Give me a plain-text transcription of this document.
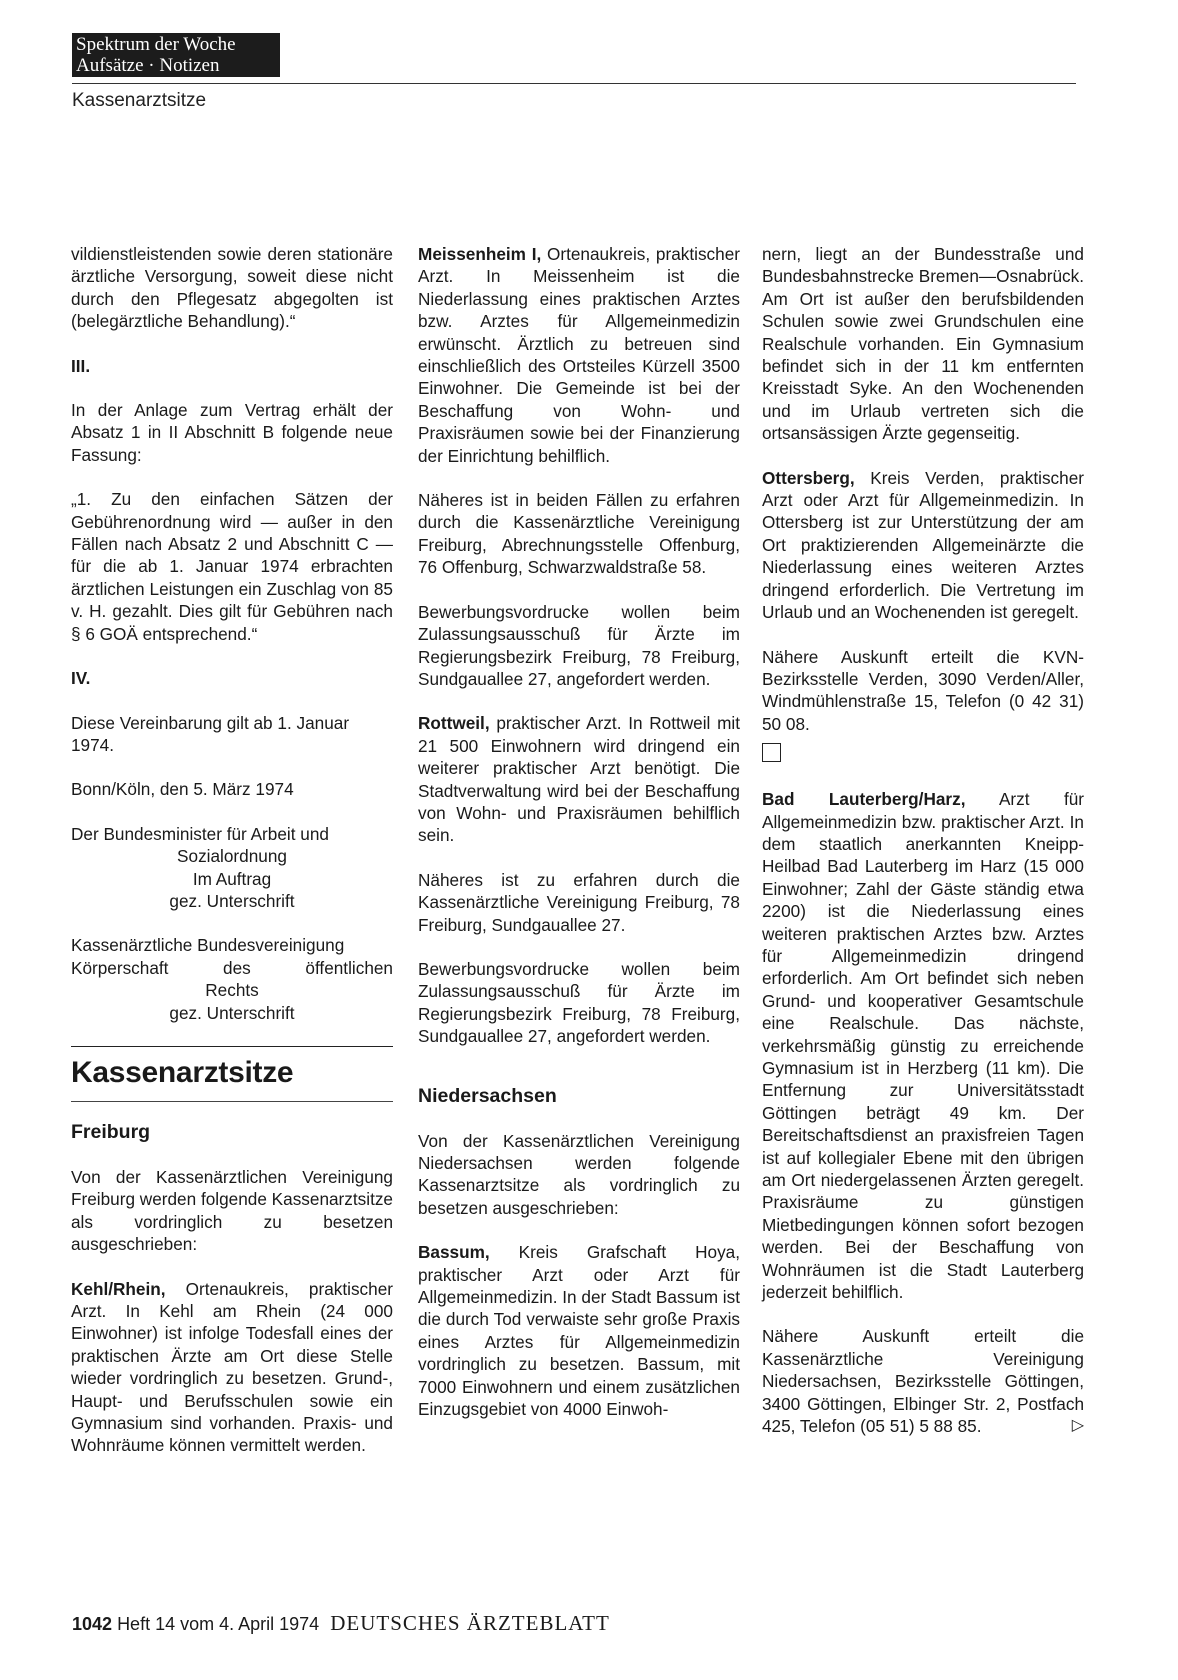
Spektrum der Woche
Aufsätze · Notizen
Kassenarztsitze

vildienstleistenden sowie deren stationäre ärztliche Versorgung, soweit diese nicht durch den Pflegesatz abgegolten ist (belegärztliche Behandlung).“

III.

In der Anlage zum Vertrag erhält der Absatz 1 in II Abschnitt B folgende neue Fassung:

„1. Zu den einfachen Sätzen der Gebührenordnung wird — außer in den Fällen nach Absatz 2 und Abschnitt C — für die ab 1. Januar 1974 erbrachten ärztlichen Leistungen ein Zuschlag von 85 v. H. gezahlt. Dies gilt für Gebühren nach § 6 GOÄ entsprechend.“

IV.

Diese Vereinbarung gilt ab 1. Januar 1974.

Bonn/Köln, den 5. März 1974

Der Bundesminister für Arbeit und
Sozialordnung
Im Auftrag
gez. Unterschrift
Kassenärztliche Bundesvereinigung
Körperschaft des öffentlichen
Rechts
gez. Unterschrift
Kassenarztsitze
Freiburg

Von der Kassenärztlichen Vereinigung Freiburg werden folgende Kassenarztsitze als vordringlich zu besetzen ausgeschrieben:

Kehl/Rhein, Ortenaukreis, praktischer Arzt. In Kehl am Rhein (24 000 Einwohner) ist infolge Todesfall eines der praktischen Ärzte am Ort diese Stelle wieder vordringlich zu besetzen. Grund-, Haupt- und Berufsschulen sowie ein Gymnasium sind vorhanden. Praxis- und Wohnräume können vermittelt werden.

Meissenheim I, Ortenaukreis, praktischer Arzt. In Meissenheim ist die Niederlassung eines praktischen Arztes bzw. Arztes für Allgemeinmedizin erwünscht. Ärztlich zu betreuen sind einschließlich des Ortsteiles Kürzell 3500 Einwohner. Die Gemeinde ist bei der Beschaffung von Wohn- und Praxisräumen sowie bei der Finanzierung der Einrichtung behilflich.

Näheres ist in beiden Fällen zu erfahren durch die Kassenärztliche Vereinigung Freiburg, Abrechnungsstelle Offenburg, 76 Offenburg, Schwarzwaldstraße 58.

Bewerbungsvordrucke wollen beim Zulassungsausschuß für Ärzte im Regierungsbezirk Freiburg, 78 Freiburg, Sundgauallee 27, angefordert werden.

Rottweil, praktischer Arzt. In Rottweil mit 21 500 Einwohnern wird dringend ein weiterer praktischer Arzt benötigt. Die Stadtverwaltung wird bei der Beschaffung von Wohn- und Praxisräumen behilflich sein.

Näheres ist zu erfahren durch die Kassenärztliche Vereinigung Freiburg, 78 Freiburg, Sundgauallee 27.

Bewerbungsvordrucke wollen beim Zulassungsausschuß für Ärzte im Regierungsbezirk Freiburg, 78 Freiburg, Sundgauallee 27, angefordert werden.

Niedersachsen

Von der Kassenärztlichen Vereinigung Niedersachsen werden folgende Kassenarztsitze als vordringlich zu besetzen ausgeschrieben:

Bassum, Kreis Grafschaft Hoya, praktischer Arzt oder Arzt für Allgemeinmedizin. In der Stadt Bassum ist die durch Tod verwaiste sehr große Praxis eines Arztes für Allgemeinmedizin vordringlich zu besetzen. Bassum, mit 7000 Einwohnern und einem zusätzlichen Einzugsgebiet von 4000 Einwoh-

nern, liegt an der Bundesstraße und Bundesbahnstrecke Bremen—Osnabrück. Am Ort ist außer den berufsbildenden Schulen sowie zwei Grundschulen eine Realschule vorhanden. Ein Gymnasium befindet sich in der 11 km entfernten Kreisstadt Syke. An den Wochenenden und im Urlaub vertreten sich die ortsansässigen Ärzte gegenseitig.

Ottersberg, Kreis Verden, praktischer Arzt oder Arzt für Allgemeinmedizin. In Ottersberg ist zur Unterstützung der am Ort praktizierenden Allgemeinärzte die Niederlassung eines weiteren Arztes dringend erforderlich. Die Vertretung im Urlaub und an Wochenenden ist geregelt.

Nähere Auskunft erteilt die KVN-Bezirksstelle Verden, 3090 Verden/Aller, Windmühlenstraße 15, Telefon (0 42 31) 50 08.

Bad Lauterberg/Harz, Arzt für Allgemeinmedizin bzw. praktischer Arzt. In dem staatlich anerkannten Kneipp-Heilbad Bad Lauterberg im Harz (15 000 Einwohner; Zahl der Gäste ständig etwa 2200) ist die Niederlassung eines weiteren praktischen Arztes bzw. Arztes für Allgemeinmedizin dringend erforderlich. Am Ort befindet sich neben Grund- und kooperativer Gesamtschule eine Realschule. Das nächste, verkehrsmäßig günstig zu erreichende Gymnasium ist in Herzberg (11 km). Die Entfernung zur Universitätsstadt Göttingen beträgt 49 km. Der Bereitschaftsdienst an praxisfreien Tagen ist auf kollegialer Ebene mit den übrigen am Ort niedergelassenen Ärzten geregelt. Praxisräume zu günstigen Mietbedingungen können sofort bezogen werden. Bei der Beschaffung von Wohnräumen ist die Stadt Lauterberg jederzeit behilflich.

Nähere Auskunft erteilt die Kassenärztliche Vereinigung Niedersachsen, Bezirksstelle Göttingen, 3400 Göttingen, Elbinger Str. 2, Postfach 425, Telefon (05 51) 5 88 85.	▷

1042 Heft 14 vom 4. April 1974 DEUTSCHES ÄRZTEBLATT
